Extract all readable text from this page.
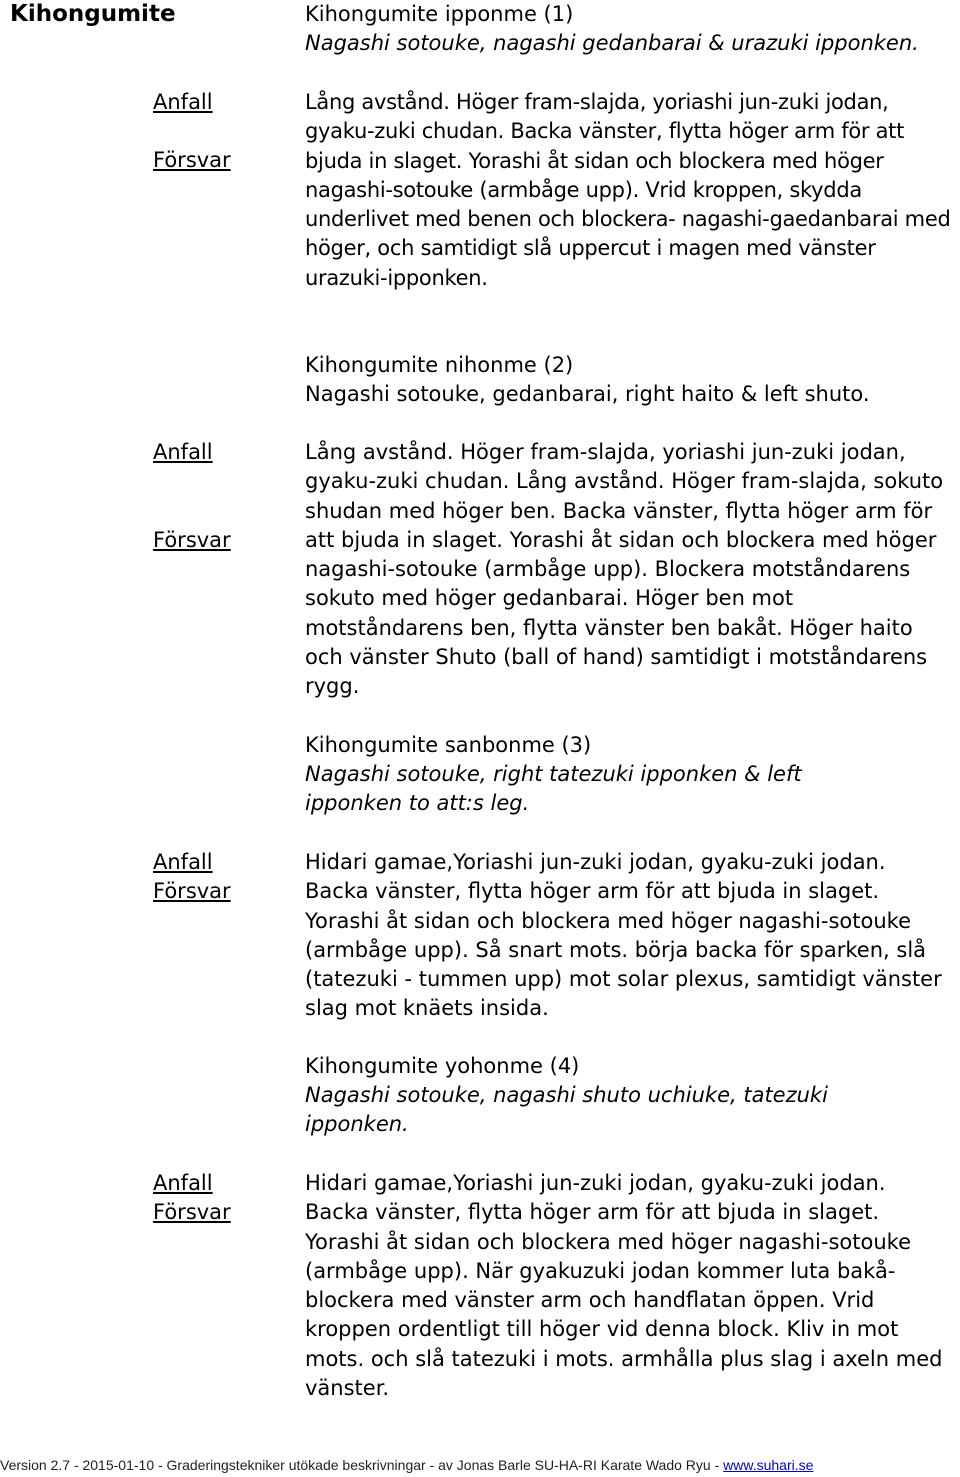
Kihongumite	Kihongumite ipponme (1)
Nagashi sotouke, nagashi gedanbarai & urazuki ipponken.
Anfall
Försvar
Lång avstånd. Höger fram-slajda, yoriashi jun-zuki jodan, gyaku-zuki chudan. Backa vänster, flytta höger arm för att bjuda in slaget. Yorashi åt sidan och blockera med höger nagashi-sotouke (armbåge upp). Vrid kroppen, skydda underlivet med benen och blockera- nagashi-gaedanbarai med höger, och samtidigt slå uppercut i magen med vänster urazuki-ipponken.
Kihongumite nihonme (2)
Nagashi sotouke, gedanbarai, right haito & left shuto.
Anfall
Försvar
Lång avstånd. Höger fram-slajda, yoriashi jun-zuki jodan, gyaku-zuki chudan. Lång avstånd. Höger fram-slajda, sokuto shudan med höger ben. Backa vänster, flytta höger arm för att bjuda in slaget. Yorashi åt sidan och blockera med höger nagashi-sotouke (armbåge upp). Blockera motståndarens sokuto med höger gedanbarai. Höger ben mot motståndarens ben, flytta vänster ben bakåt. Höger haito och vänster Shuto (ball of hand) samtidigt i motståndarens rygg.
Kihongumite sanbonme (3)
Nagashi sotouke, right tatezuki ipponken & left ipponken to att:s leg.
Anfall
Försvar
Hidari gamae,Yoriashi jun-zuki jodan, gyaku-zuki jodan. Backa vänster, flytta höger arm för att bjuda in slaget. Yorashi åt sidan och blockera med höger nagashi-sotouke (armbåge upp). Så snart mots. börja backa för sparken, slå (tatezuki - tummen upp) mot solar plexus, samtidigt vänster slag mot knäets insida.
Kihongumite yohonme (4)
Nagashi sotouke, nagashi shuto uchiuke, tatezuki ipponken.
Anfall
Försvar
Hidari gamae,Yoriashi jun-zuki jodan, gyaku-zuki jodan. Backa vänster, flytta höger arm för att bjuda in slaget. Yorashi åt sidan och blockera med höger nagashi-sotouke (armbåge upp). När gyakuzuki jodan kommer luta bakå-blockera med vänster arm och handflatan öppen. Vrid kroppen ordentligt till höger vid denna block. Kliv in mot mots. och slå tatezuki i mots. armhålla plus slag i axeln med vänster.
Version 2.7 - 2015-01-10 - Graderingstekniker utökade beskrivningar - av Jonas Barle SU-HA-RI Karate Wado Ryu - www.suhari.se
